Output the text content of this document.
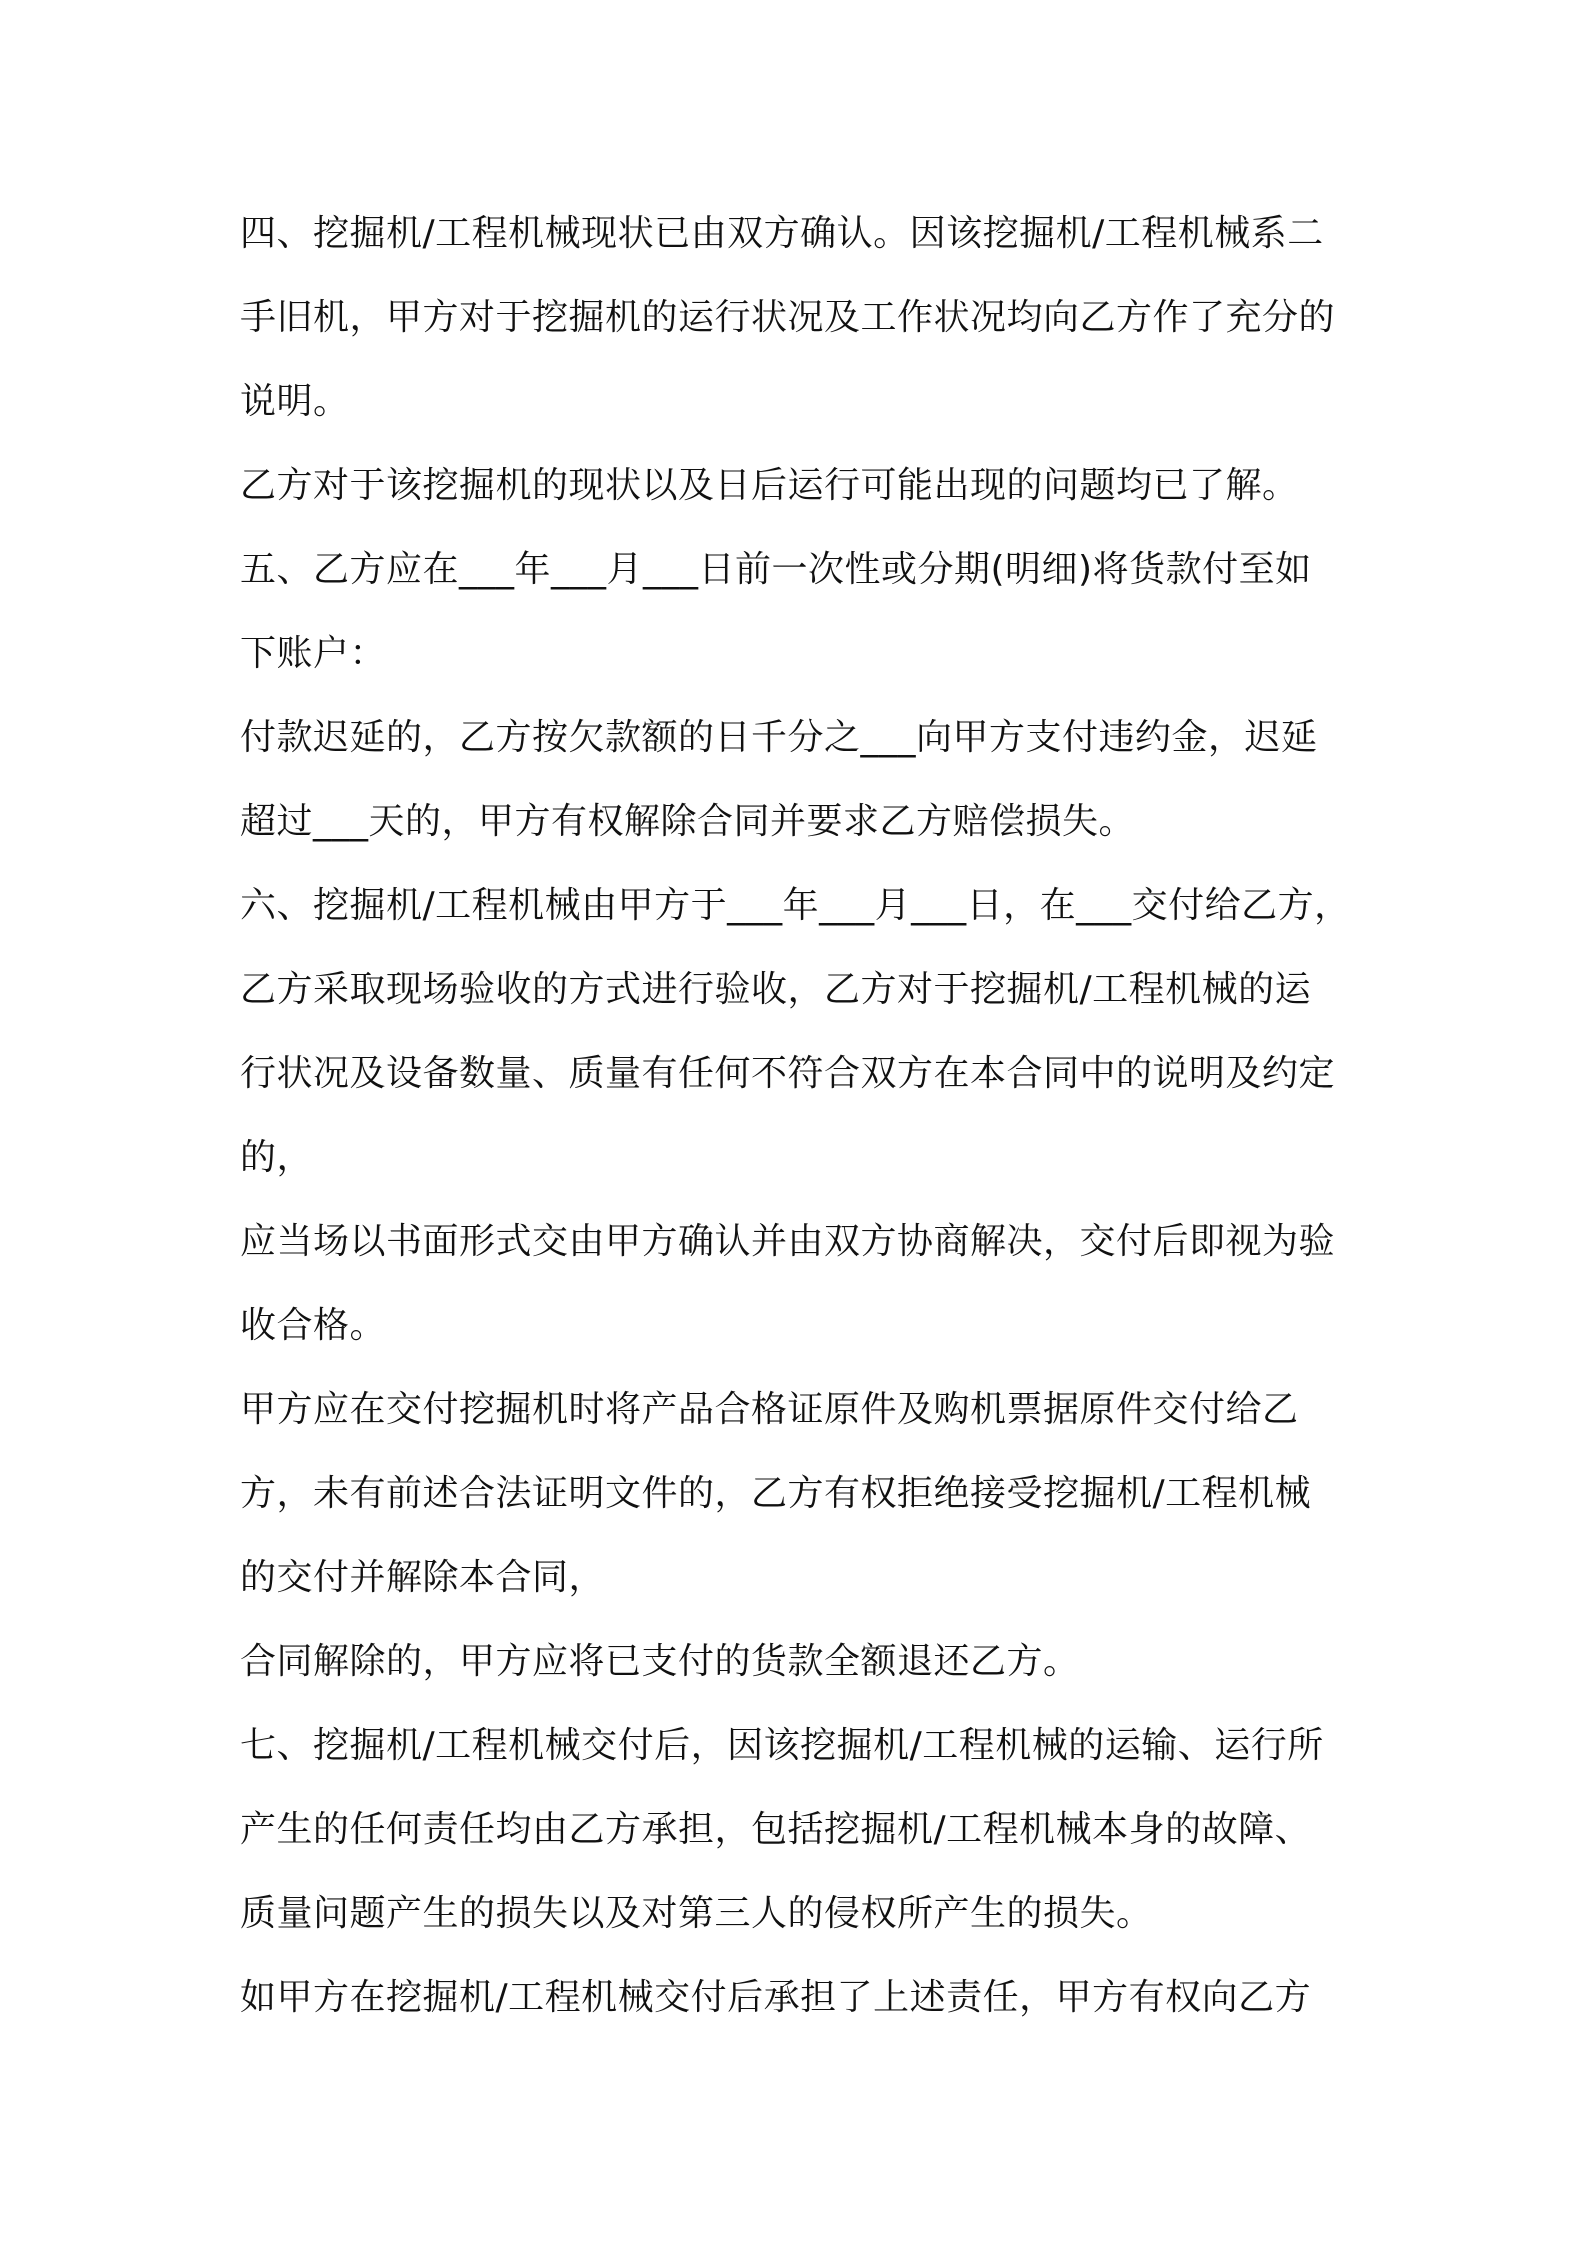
四、挖掘机/工程机械现状已由双方确认。因该挖掘机/工程机械系二
手旧机，甲方对于挖掘机的运行状况及工作状况均向乙方作了充分的
说明。
乙方对于该挖掘机的现状以及日后运行可能出现的问题均已了解。
五、乙方应在___年___月___日前一次性或分期(明细)将货款付至如
下账户：
付款迟延的，乙方按欠款额的日千分之___向甲方支付违约金，迟延
超过___天的，甲方有权解除合同并要求乙方赔偿损失。
六、挖掘机/工程机械由甲方于___年___月___日，在___交付给乙方，
乙方采取现场验收的方式进行验收，乙方对于挖掘机/工程机械的运
行状况及设备数量、质量有任何不符合双方在本合同中的说明及约定
的，
应当场以书面形式交由甲方确认并由双方协商解决，交付后即视为验
收合格。
甲方应在交付挖掘机时将产品合格证原件及购机票据原件交付给乙
方，未有前述合法证明文件的，乙方有权拒绝接受挖掘机/工程机械
的交付并解除本合同，
合同解除的，甲方应将已支付的货款全额退还乙方。
七、挖掘机/工程机械交付后，因该挖掘机/工程机械的运输、运行所
产生的任何责任均由乙方承担，包括挖掘机/工程机械本身的故障、
质量问题产生的损失以及对第三人的侵权所产生的损失。
如甲方在挖掘机/工程机械交付后承担了上述责任，甲方有权向乙方
